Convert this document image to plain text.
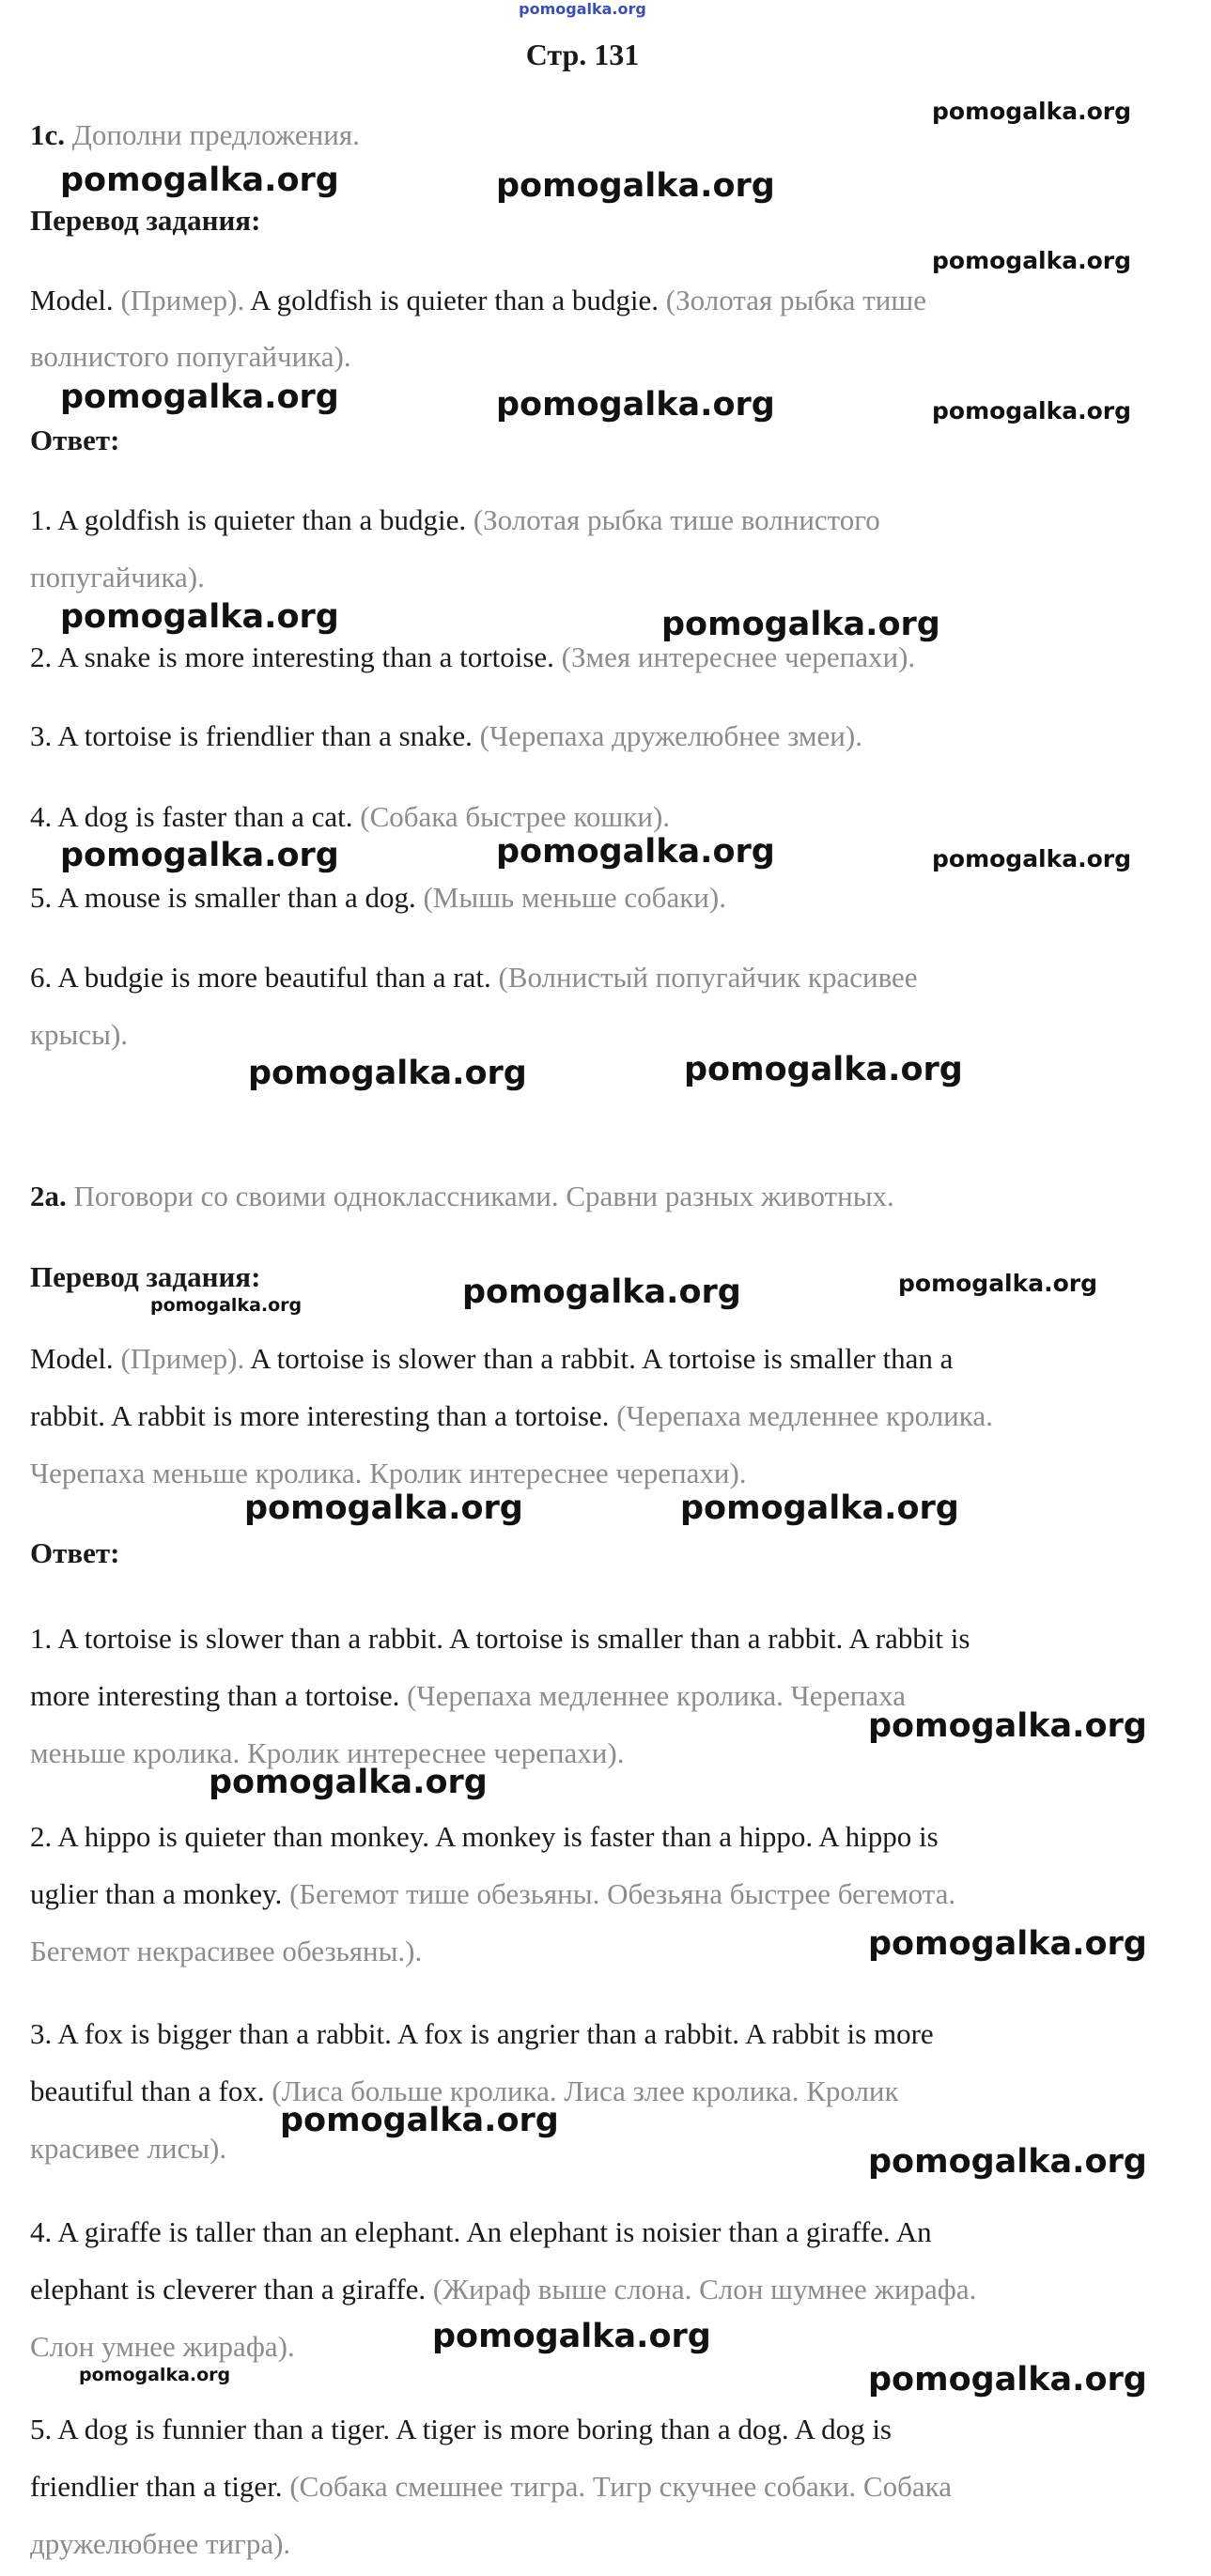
pomogalka.org
Стр. 131
1c. Дополни предложения.
Перевод задания:
Model. (Пример). A goldfish is quieter than a budgie. (Золотая рыбка тише
волнистого попугайчика).
Ответ:
1. A goldfish is quieter than a budgie. (Золотая рыбка тише волнистого
попугайчика).
2. A snake is more interesting than a tortoise. (Змея интереснее черепахи).
3. A tortoise is friendlier than a snake. (Черепаха дружелюбнее змеи).
4. A dog is faster than a cat. (Собака быстрее кошки).
5. A mouse is smaller than a dog. (Мышь меньше собаки).
6. A budgie is more beautiful than a rat. (Волнистый попугайчик красивее
крысы).
2a. Поговори со своими одноклассниками. Сравни разных животных.
Перевод задания:
Model. (Пример). A tortoise is slower than a rabbit. A tortoise is smaller than a
rabbit. A rabbit is more interesting than a tortoise. (Черепаха медленнее кролика.
Черепаха меньше кролика. Кролик интереснее черепахи).
Ответ:
1. A tortoise is slower than a rabbit. A tortoise is smaller than a rabbit. A rabbit is
more interesting than a tortoise. (Черепаха медленнее кролика. Черепаха
меньше кролика. Кролик интереснее черепахи).
2. A hippo is quieter than monkey. A monkey is faster than a hippo. A hippo is
uglier than a monkey. (Бегемот тише обезьяны. Обезьяна быстрее бегемота.
Бегемот некрасивее обезьяны.).
3. A fox is bigger than a rabbit. A fox is angrier than a rabbit. A rabbit is more
beautiful than a fox. (Лиса больше кролика. Лиса злее кролика. Кролик
красивее лисы).
4. A giraffe is taller than an elephant. An elephant is noisier than a giraffe. An
elephant is cleverer than a giraffe. (Жираф выше слона. Слон шумнее жирафа.
Слон умнее жирафа).
5. A dog is funnier than a tiger. A tiger is more boring than a dog. A dog is
friendlier than a tiger. (Собака смешнее тигра. Тигр скучнее собаки. Собака
дружелюбнее тигра).
pomogalka.org
pomogalka.org	pomogalka.org
pomogalka.org
pomogalka.org	pomogalka.org	pomogalka.org
pomogalka.org	pomogalka.org
pomogalka.org	pomogalka.org	pomogalka.org
pomogalka.org	pomogalka.org
pomogalka.org
pomogalka.org	pomogalka.org
pomogalka.org	pomogalka.org
pomogalka.org
pomogalka.org
pomogalka.org
pomogalka.org
pomogalka.org
pomogalka.org
pomogalka.org	pomogalka.org
